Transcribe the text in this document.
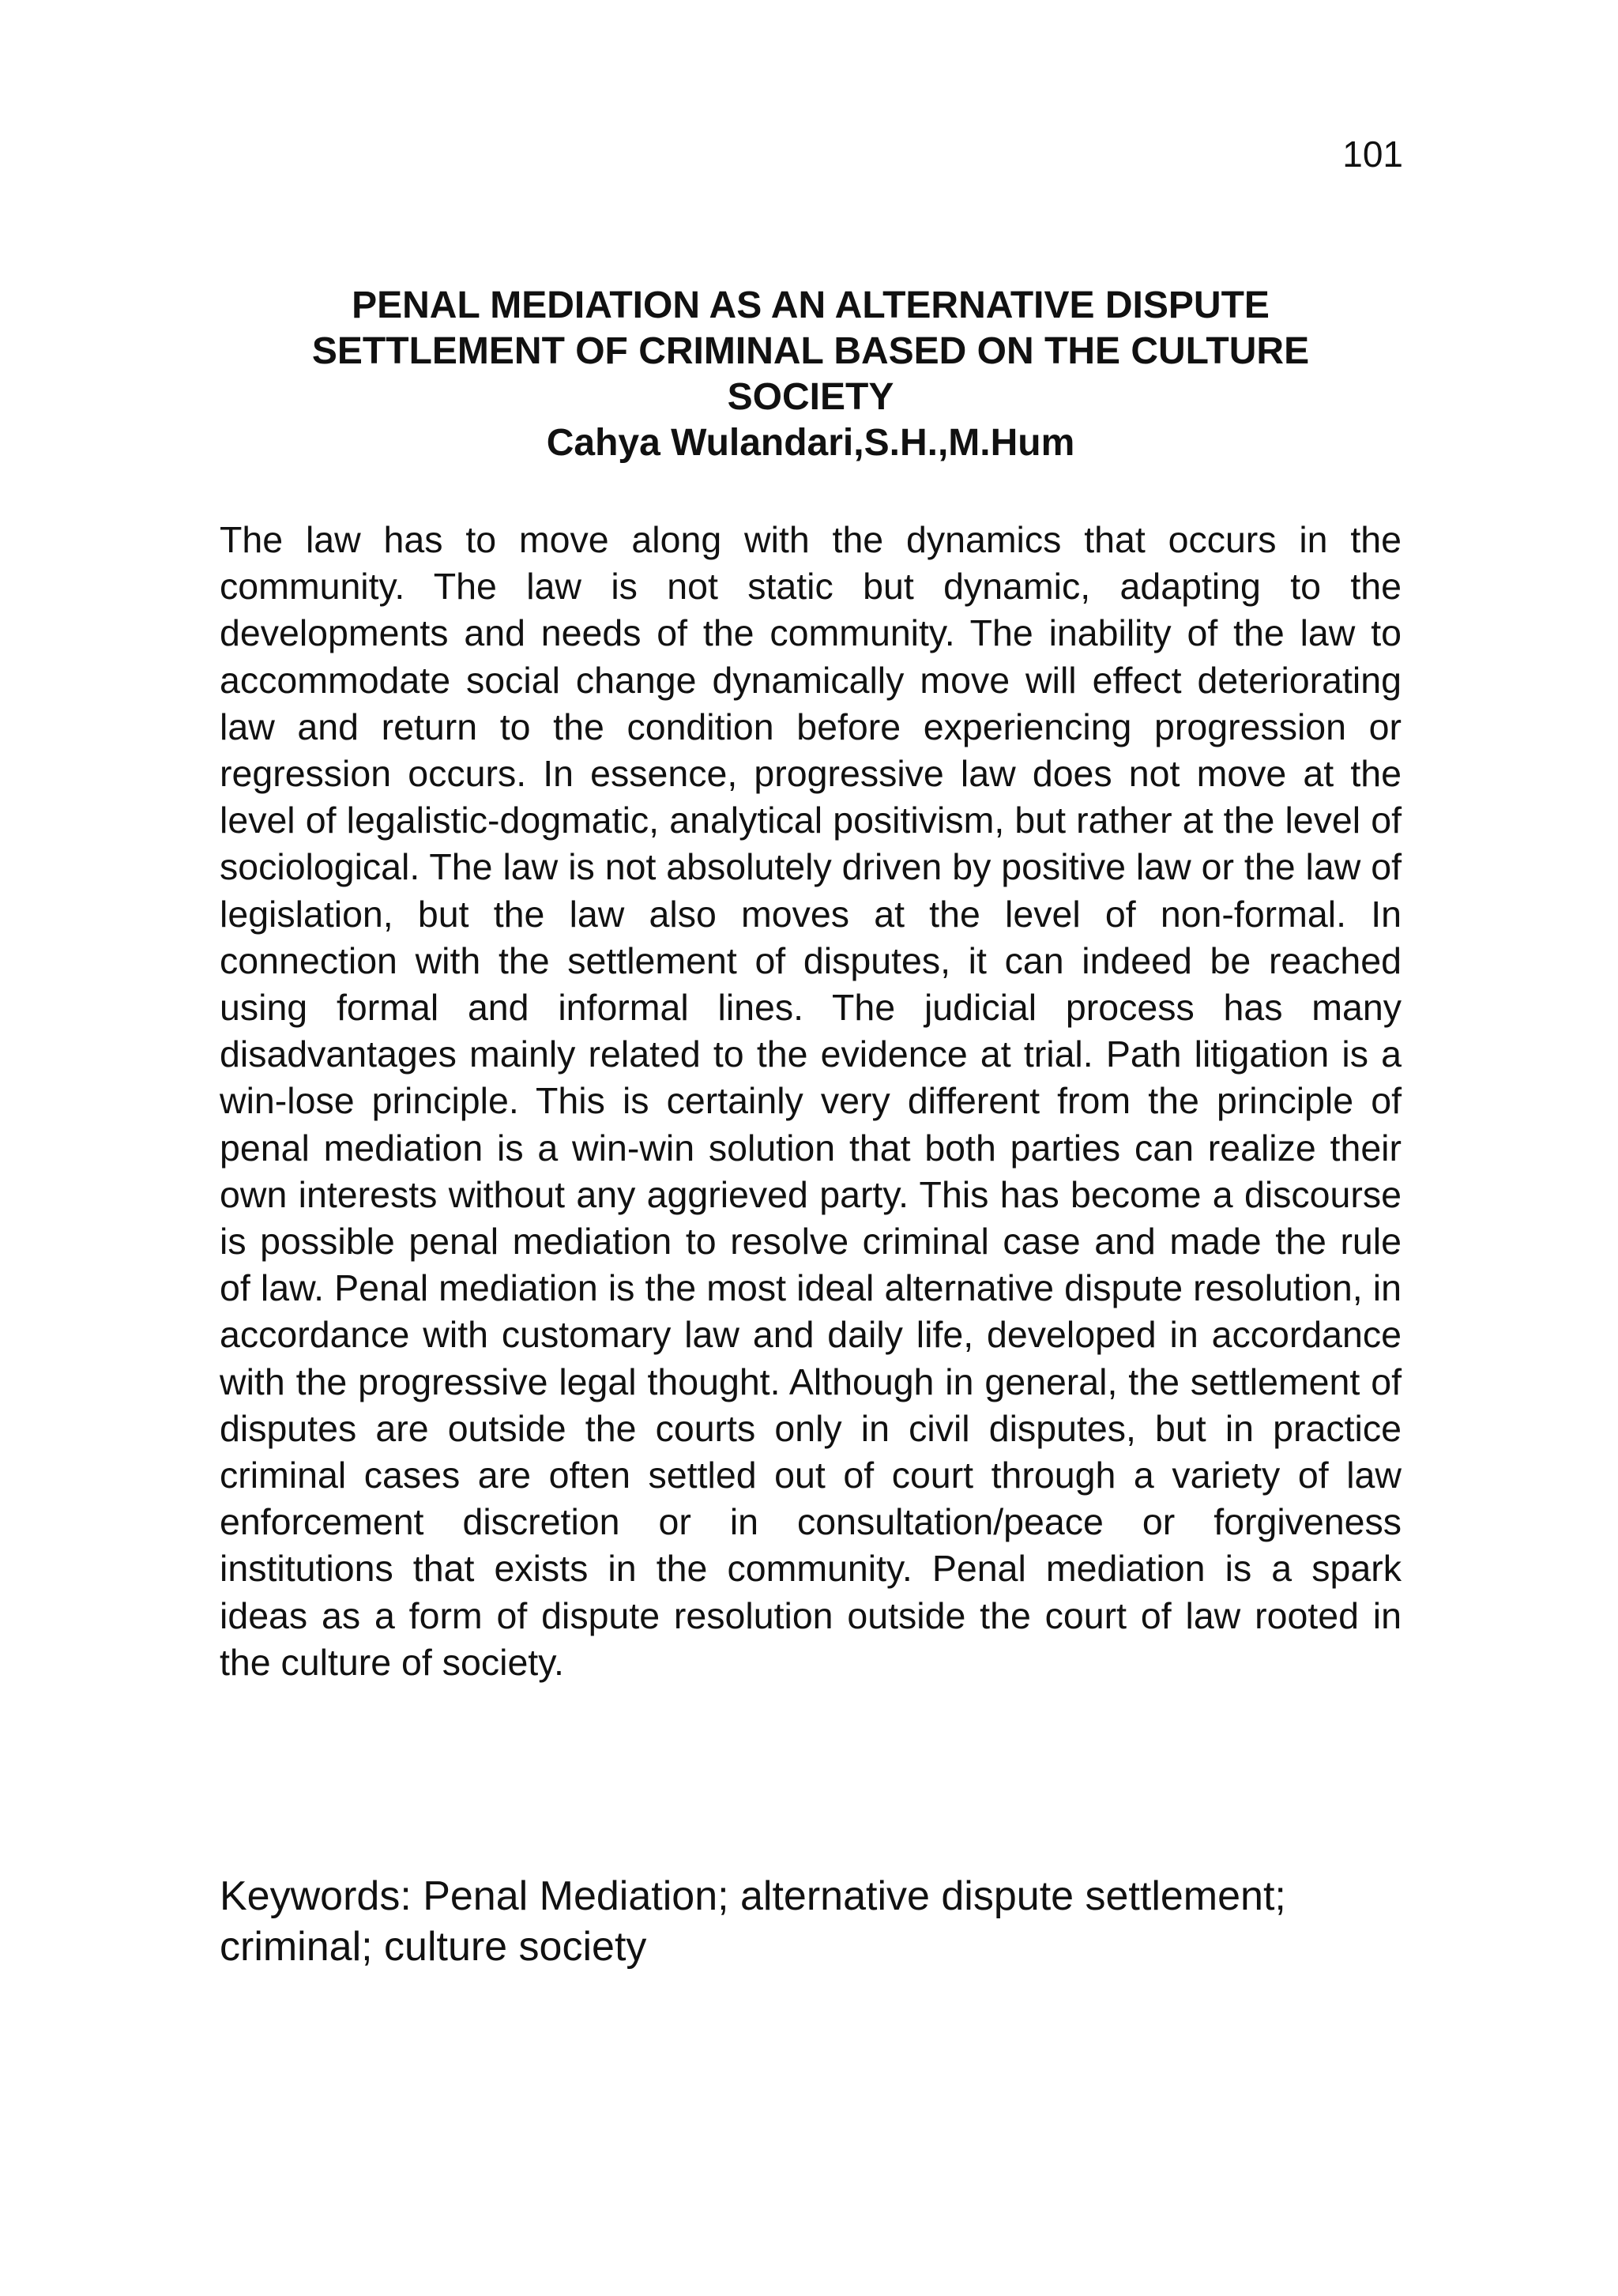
101
PENAL MEDIATION AS AN ALTERNATIVE DISPUTE
SETTLEMENT OF CRIMINAL BASED ON THE CULTURE
SOCIETY
Cahya Wulandari,S.H.,M.Hum

The law has to move along with the dynamics that occurs in the community. The law is not static but dynamic, adapting to the developments and needs of the community. The inability of the law to accommodate social change dynamically move will effect deteriorating law and return to the condition before experiencing progression or regression occurs. In essence, progressive law does not move at the level of legalistic-dogmatic, analytical positivism, but rather at the level of sociological. The law is not absolutely driven by positive law or the law of legislation, but the law also moves at the level of non-formal. In connection with the settlement of disputes, it can indeed be reached using formal and informal lines. The judicial process has many disadvantages mainly related to the evidence at trial. Path litigation is a win-lose principle. This is certainly very different from the principle of penal mediation is a win-win solution that both parties can realize their own interests without any aggrieved party. This has become a discourse is possible penal mediation to resolve criminal case and made the rule of law. Penal mediation is the most ideal alternative dispute resolution, in accordance with customary law and daily life, developed in accordance with the progressive legal thought. Although in general, the settlement of disputes are outside the courts only in civil disputes, but in practice criminal cases are often settled out of court through a variety of law enforcement discretion or in consultation/peace or forgiveness institutions that exists in the community. Penal mediation is a spark ideas as a form of dispute resolution outside the court of law rooted in the culture of society.

Keywords: Penal Mediation; alternative dispute settlement; criminal; culture society
